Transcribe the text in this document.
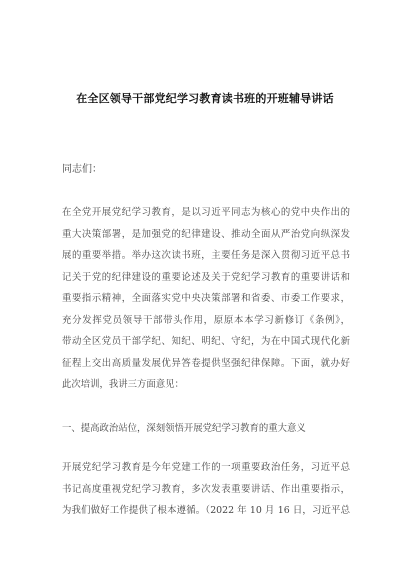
在全区领导干部党纪学习教育读书班的开班辅导讲话
同志们：
在全党开展党纪学习教育，是以习近平同志为核心的党中央作出的
重大决策部署，是加强党的纪律建设、推动全面从严治党向纵深发
展的重要举措。举办这次读书班，主要任务是深入贯彻习近平总书
记关于党的纪律建设的重要论述及关于党纪学习教育的重要讲话和
重要指示精神，全面落实党中央决策部署和省委、市委工作要求，
充分发挥党员领导干部带头作用，原原本本学习新修订《条例》，
带动全区党员干部学纪、知纪、明纪、守纪，为在中国式现代化新
征程上交出高质量发展优异答卷提供坚强纪律保障。下面，就办好
此次培训，我讲三方面意见：
一、提高政治站位，深刻领悟开展党纪学习教育的重大意义
开展党纪学习教育是今年党建工作的一项重要政治任务，习近平总
书记高度重视党纪学习教育，多次发表重要讲话、作出重要指示，
为我们做好工作提供了根本遵循。（2022 年 10 月 16 日，习近平总
